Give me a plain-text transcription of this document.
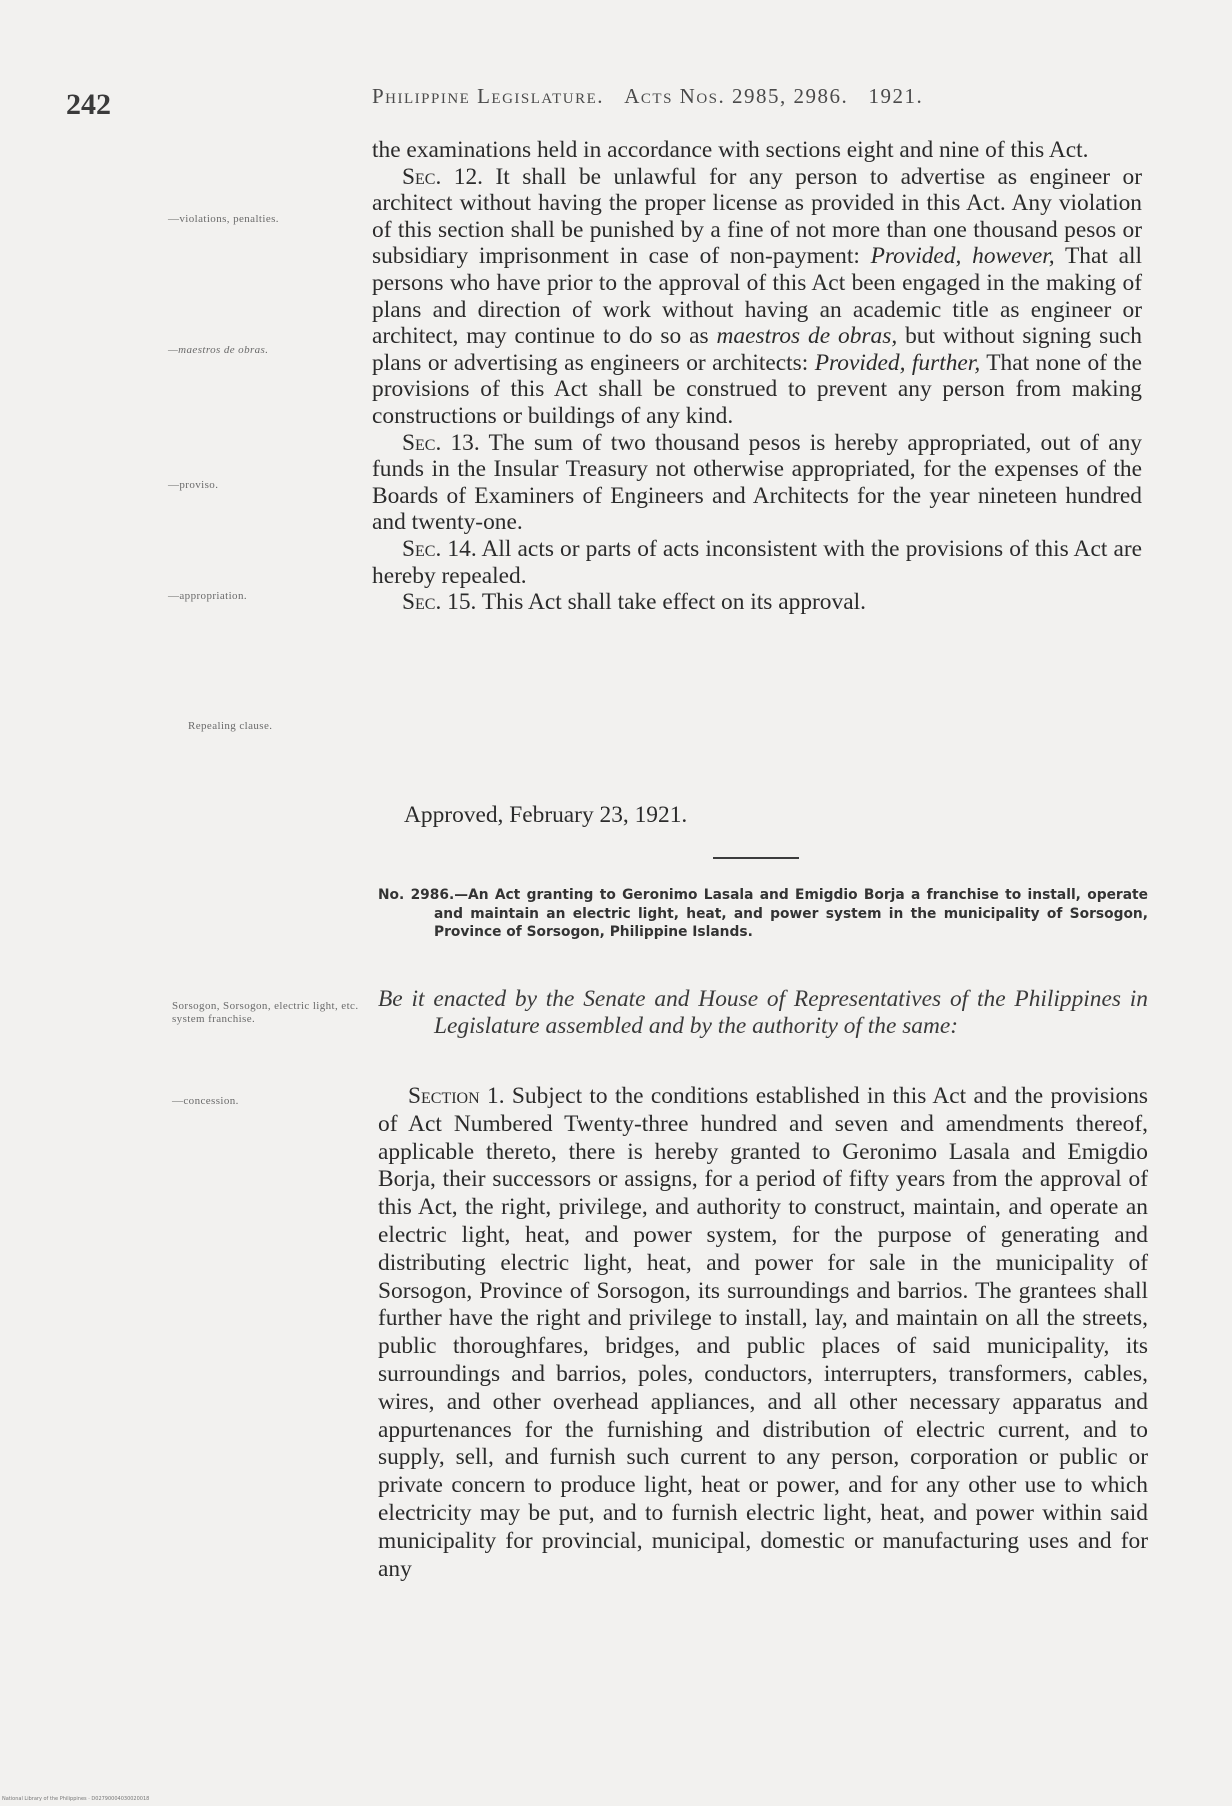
242	Philippine Legislature. Acts Nos. 2985, 2986. 1921.
—violations, penalties.
—maestros de obras.
—proviso.
—appropriation.
Repealing clause.
Sorsogon, Sorsogon, electric light, etc. system franchise.
—concession.

the examinations held in accordance with sections eight and nine of this Act.

Sec. 12. It shall be unlawful for any person to advertise as engineer or architect without having the proper license as provided in this Act. Any violation of this section shall be punished by a fine of not more than one thousand pesos or subsidiary imprisonment in case of non-payment: Provided, however, That all persons who have prior to the approval of this Act been engaged in the making of plans and direction of work without having an academic title as engineer or architect, may continue to do so as maestros de obras, but without signing such plans or advertising as engineers or architects: Provided, further, That none of the provisions of this Act shall be construed to prevent any person from making constructions or buildings of any kind.

Sec. 13. The sum of two thousand pesos is hereby appropriated, out of any funds in the Insular Treasury not otherwise appropriated, for the expenses of the Boards of Examiners of Engineers and Architects for the year nineteen hundred and twenty-one.

Sec. 14. All acts or parts of acts inconsistent with the provisions of this Act are hereby repealed.

Sec. 15. This Act shall take effect on its approval.

Approved, February 23, 1921.
No. 2986.—An Act granting to Geronimo Lasala and Emigdio Borja a franchise to install, operate and maintain an electric light, heat, and power system in the municipality of Sorsogon, Province of Sorsogon, Philippine Islands.
Be it enacted by the Senate and House of Representatives of the Philippines in Legislature assembled and by the authority of the same:

Section 1. Subject to the conditions established in this Act and the provisions of Act Numbered Twenty-three hundred and seven and amendments thereof, applicable thereto, there is hereby granted to Geronimo Lasala and Emigdio Borja, their successors or assigns, for a period of fifty years from the approval of this Act, the right, privilege, and authority to construct, maintain, and operate an electric light, heat, and power system, for the purpose of generating and distributing electric light, heat, and power for sale in the municipality of Sorsogon, Province of Sorsogon, its surroundings and barrios. The grantees shall further have the right and privilege to install, lay, and maintain on all the streets, public thoroughfares, bridges, and public places of said municipality, its surroundings and barrios, poles, conductors, interrupters, transformers, cables, wires, and other overhead appliances, and all other necessary apparatus and appurtenances for the furnishing and distribution of electric current, and to supply, sell, and furnish such current to any person, corporation or public or private concern to produce light, heat or power, and for any other use to which electricity may be put, and to furnish electric light, heat, and power within said municipality for provincial, municipal, domestic or manufacturing uses and for any

National Library of the Philippines · D02790004030020018
